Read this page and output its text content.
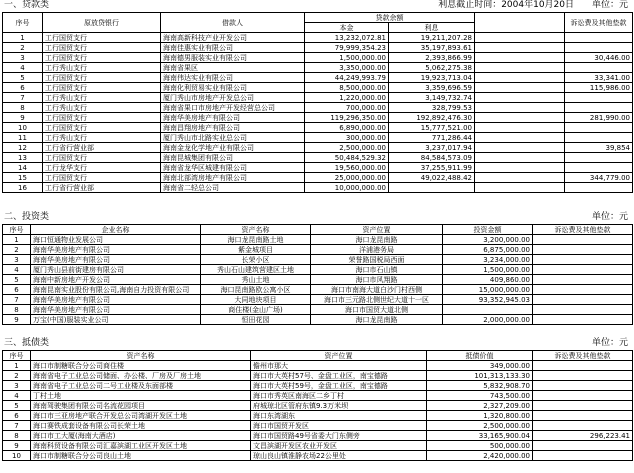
一、贷款类	利息截止时间：2004年10月20日 单位：元
序号	原放贷银行	借款人	贷款余额			诉讼费及其他垫款
			本金	利息		
1	工行国贸支行	海南高新科技产业开发公司	13,232,072.81	19,211,207.28		
2	工行国贸支行	海南佳惠实业有限公司	79,999,354.23	35,197,893.61		
3	工行国贸支行	海南德男服装实业有限公司	1,500,000.00	2,393,866.99		30,446.00
4	工行秀山支行	海南省果区	3,350,000.00	5,062,275.38		
5	工行国贸支行	海南伟达实业有限公司	44,249,993.79	19,923,713.04		33,341.00
6	工行国贸支行	海南化利贸易实业有限公司	8,500,000.00	3,359,696.59		115,986.00
7	工行秀山支行	厦门秀山市房地产开发总公司	1,220,000.00	3,149,732.74		
8	工行秀山支行	海南省果口市房地产开发经营总公司	700,000.00	328,799.53		
9	工行国贸支行	海南华美房地产有限公司	119,296,350.00	192,892,476.30		281,990.00
10	工行国贸支行	海南昌翔房地产有限公司	6,890,000.00	15,777,521.00		
11	工行秀山支行	厦门秀山市北路实业总公司	300,000.00	771,286.44		
12	工行省行营业部	海南金龙化学地产业有限公司	2,500,000.00	3,237,017.94		39,854
13	工行国贸支行	海南昆城集团有限公司	50,484,529.32	84,584,573.09		
14	工行龙华支行	海南省龙华区城建有限公司	19,560,000.00	37,255,911.99		
15	工行国贸支行	海南北部湾房地产有限公司	25,000,000.00	49,022,488.42		344,779.00
16	工行省行营业部	海南省二轻总公司	10,000,000.00			
二、投资类	单位：元
序号	企业名称	资产名称	资产位置	投资金额	诉讼费及其他垫款
1	海口恒通物业发展公司	海口龙昆南路土地	海口龙昆南路	3,200,000.00	
2	海南华美房地产有限公司	紫金城项目	洋浦港务局	6,875,000.00	
3	海南华美房地产有限公司	长荣小区	荣誉路国税局西面	3,234,000.00	
4	厦门秀山县前街建房有限公司	秀山石山建筑营建区土地	海口市石山镇	1,500,000.00	
5	海南中新房地产开发公司	秀山土地	海口市风翔路	409,860.00	
6	海南昆南实业股份有限公司,海南自力投资有限公司	海口昆南路欧公寓小区	海口市南海大道白沙门村西侧	15,000,000.00	
7	海南华美房地产有限公司	大同地块项目	海口市三元路北侧世纪大道十一区	93,352,945.03	
8	海南华美房地产有限公司	商住楼(金山广场)	海口市国贸大道北侧		
9	万宝(中国)服装实业公司	恒田花园	海口龙昆南路	2,000,000.00	
三、抵债类	单位：元
序号	资产名称	资产位置	抵债价值	诉讼费及其他垫款
1	海口市制糖联合分公司商住楼	儋州市那大	349,000.00	
2	海南省电子工业总公司储面、办公楼、厂房及厂房土地	海口市大英村57号、金盘工业区，南宝德路	101,313,133.30	
3	海南省电子工业总公司二号工业楼及东面部楼	海口市大英村59号，金盘工业区，南宝德路	5,832,908.70	
4	丁村土地	海口市秀英区南海区二乡丁村	743,500.00	
5	海南驾驶集团有限公司名流花园项目	府城琼北区管府东镇9.3万米坝	2,327,209.00	
6	海口市三亚房地产联合开发总公司湾湖开发区土地	海口东湾湖东	1,320,800.00	
7	海口赛铁成套设备有限公司长荣土地	海口市国贸开发区	2,500,000.00	
8	海口市工大厦(海南大酒店)	海口市国贸路49号省委大门东侧旁	33,165,900.04	296,223.41
9	海南科贸设备有限公司汇嘉滨湖工业区开发区土地	文昌滨湖开发区农业开发区	500,000.00	
10	海口市制糖联合分公司良山土地	琼山良山镇淮静农场22公里处	2,420,000.00	
